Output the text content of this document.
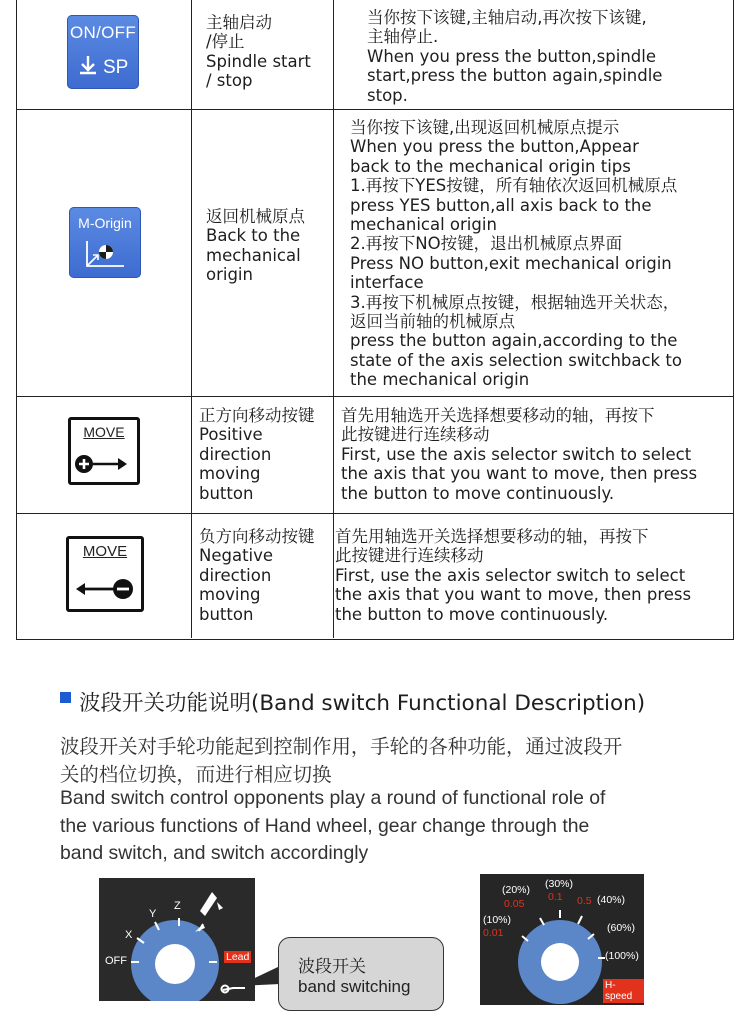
ON/OFF
SP
主轴启动
/停止
Spindle start
/ stop
当你按下该键,主轴启动,再次按下该键,
主轴停止.
When you press the button,spindle
start,press the button again,spindle
stop.
M-Origin	返回机械原点
Back to the
mechanical
origin
当你按下该键,出现返回机械原点提示
When you press the button,Appear
back to the mechanical origin tips
1.再按下YES按键，所有轴依次返回机械原点
press YES button,all axis back to the
mechanical origin
2.再按下NO按键，退出机械原点界面
Press NO button,exit mechanical origin
interface
3.再按下机械原点按键，根据轴选开关状态，
返回当前轴的机械原点
press the button again,according to the
state of the axis selection switchback to
the mechanical origin
MOVE
正方向移动按键
Positive
direction
moving
button
首先用轴选开关选择想要移动的轴，再按下
此按键进行连续移动
First, use the axis selector switch to select
the axis that you want to move, then press
the button to move continuously.
MOVE
负方向移动按键
Negative
direction
moving
button
首先用轴选开关选择想要移动的轴，再按下
此按键进行连续移动
First, use the axis selector switch to select
the axis that you want to move, then press
the button to move continuously.
波段开关功能说明(Band switch Functional Description)
波段开关对手轮功能起到控制作用，手轮的各种功能，通过波段开
关的档位切换，而进行相应切换
Band switch control opponents play a round of functional role of
the various functions of Hand wheel, gear change through the
band switch, and switch accordingly
OFF
X
Y
Z
Lead	波段开关
band switching
(20%) (30%)
(40%)
(10%)
(60%)
(100%)
0.05
0.1 0.5
0.01
H-speed
